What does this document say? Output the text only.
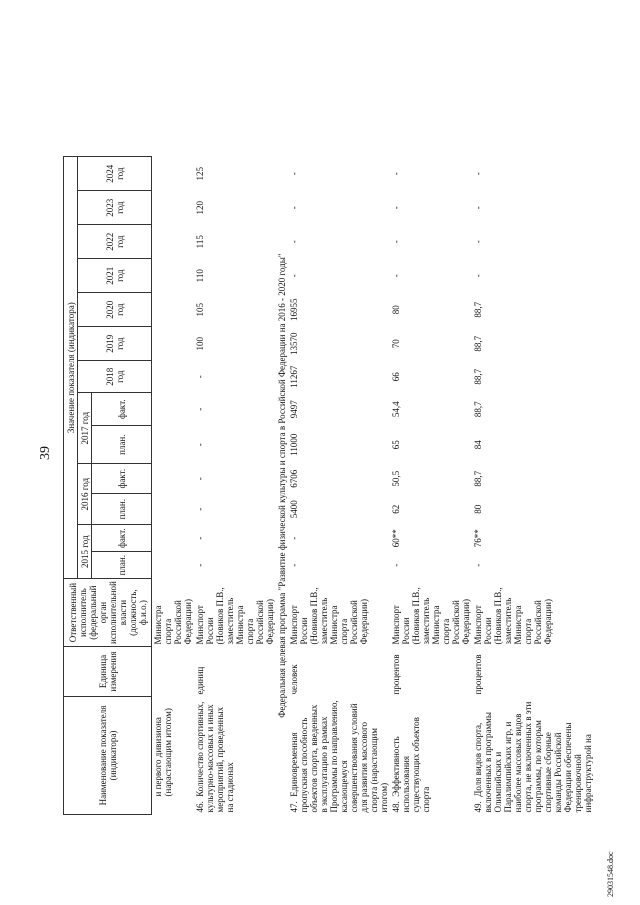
39
29031548.doc
Наименование показателя (индикатора)	Единица измерения	Ответственный исполнитель (федеральный орган исполнительной власти (должность, ф.и.о.)	Значение показателя (индикатора)												
			2015 год		2016 год		2017 год		2018 год	2019 год	2020 год	2021 год	2022 год	2023 год	2024 год
			план.	факт.	план.	факт.	план.	факт.							
и первого дивизиона (нарастающим итогом)		Министра спорта Российской Федерации)													
46.  Количество спортивных, культурно-массовых и иных мероприятий, проведенных на стадионах	единиц	Минспорт России (Новиков П.В., заместитель Министра спорта Российской Федерации)	-	-	-	-	-	-	-	100	105	110	115	120	125
Федеральная целевая программа "Развитие физической культуры и спорта в Российской Федерации на 2016 - 2020 годы"															
47.  Единовременная пропускная способность объектов спорта, введенных в эксплуатацию в рамках Программы по направлению, касающемуся совершенствования условий для развития массового спорта (нарастающим итогом)	человек	Минспорт России (Новиков П.В., заместитель Министра спорта Российской Федерации)	-	-	5400	6706	11000	9497	11267	13570	16955	-	-	-	-
48.  Эффективность использования существующих объектов спорта	процентов	Минспорт России (Новиков П.В., заместитель Министра спорта Российской Федерации)	-	60**	62	50,5	65	54,4	66	70	80	-	-	-	-
49.  Доля видов спорта, включенных в программы Олимпийских и Паралимпийских игр, и наиболее массовых видов спорта, не включенных в эти программы, по которым спортивные сборные команды Российской Федерации обеспечены тренировочной инфраструктурой на	процентов	Минспорт России (Новиков П.В., заместитель Министра спорта Российской Федерации)	-	76**	80	88,7	84	88,7	88,7	88,7	88,7	-	-	-	-
